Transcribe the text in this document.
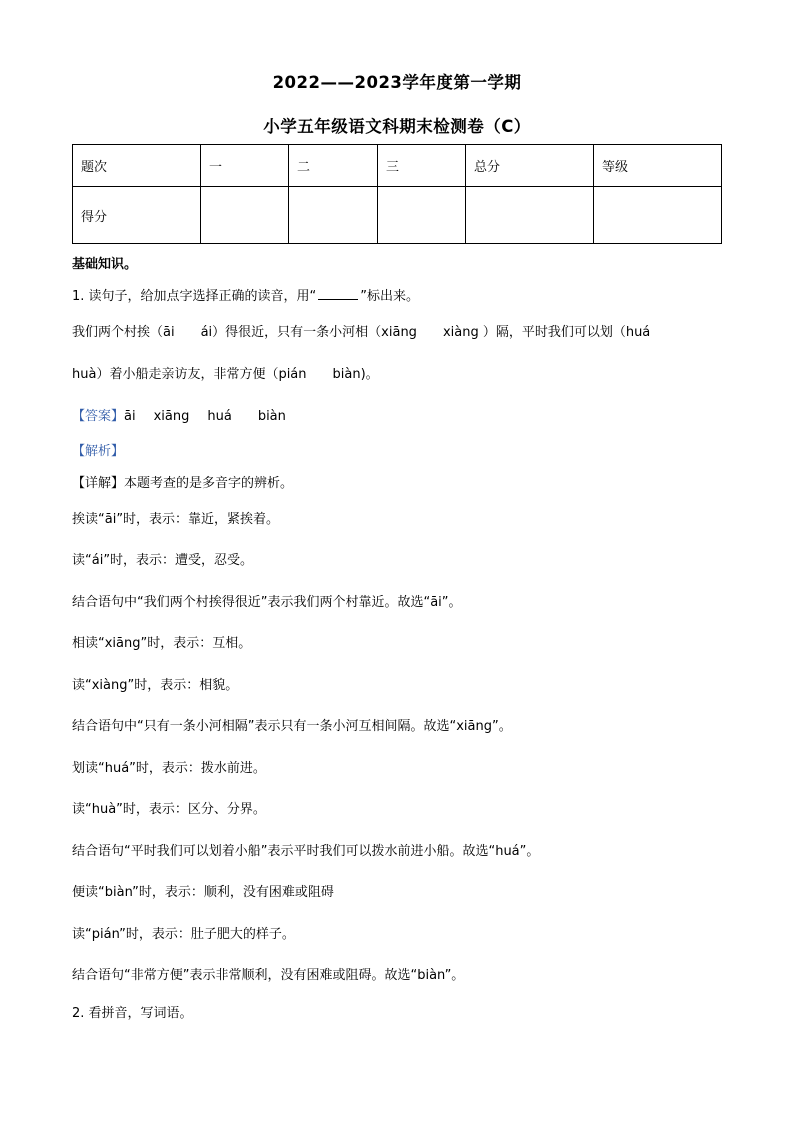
2022——2023学年度第一学期
小学五年级语文科期末检测卷（C）
题次	一	二	三	总分	等级
得分					
基础知识。
1. 读句子，给加点字选择正确的读音，用“	”标出来。
我们两个村挨（āi ái）得很近，只有一条小河相（xiāng xiàng ）隔，平时我们可以划（huá
huà）着小船走亲访友，非常方便（pián biàn)。
【答案】āi xiāng huá biàn
【解析】
【详解】本题考查的是多音字的辨析。
挨读“āi”时，表示：靠近，紧挨着。
读“ái”时，表示：遭受，忍受。
结合语句中“我们两个村挨得很近”表示我们两个村靠近。故选“āi”。
相读“xiāng”时，表示：互相。
读“xiàng”时，表示：相貌。
结合语句中“只有一条小河相隔”表示只有一条小河互相间隔。故选“xiāng”。
划读“huá”时，表示：拨水前进。
读“huà”时，表示：区分、分界。
结合语句“平时我们可以划着小船”表示平时我们可以拨水前进小船。故选“huá”。
便读“biàn”时，表示：顺利，没有困难或阻碍
读“pián”时，表示：肚子肥大的样子。
结合语句“非常方便”表示非常顺利，没有困难或阻碍。故选“biàn”。
2. 看拼音，写词语。
